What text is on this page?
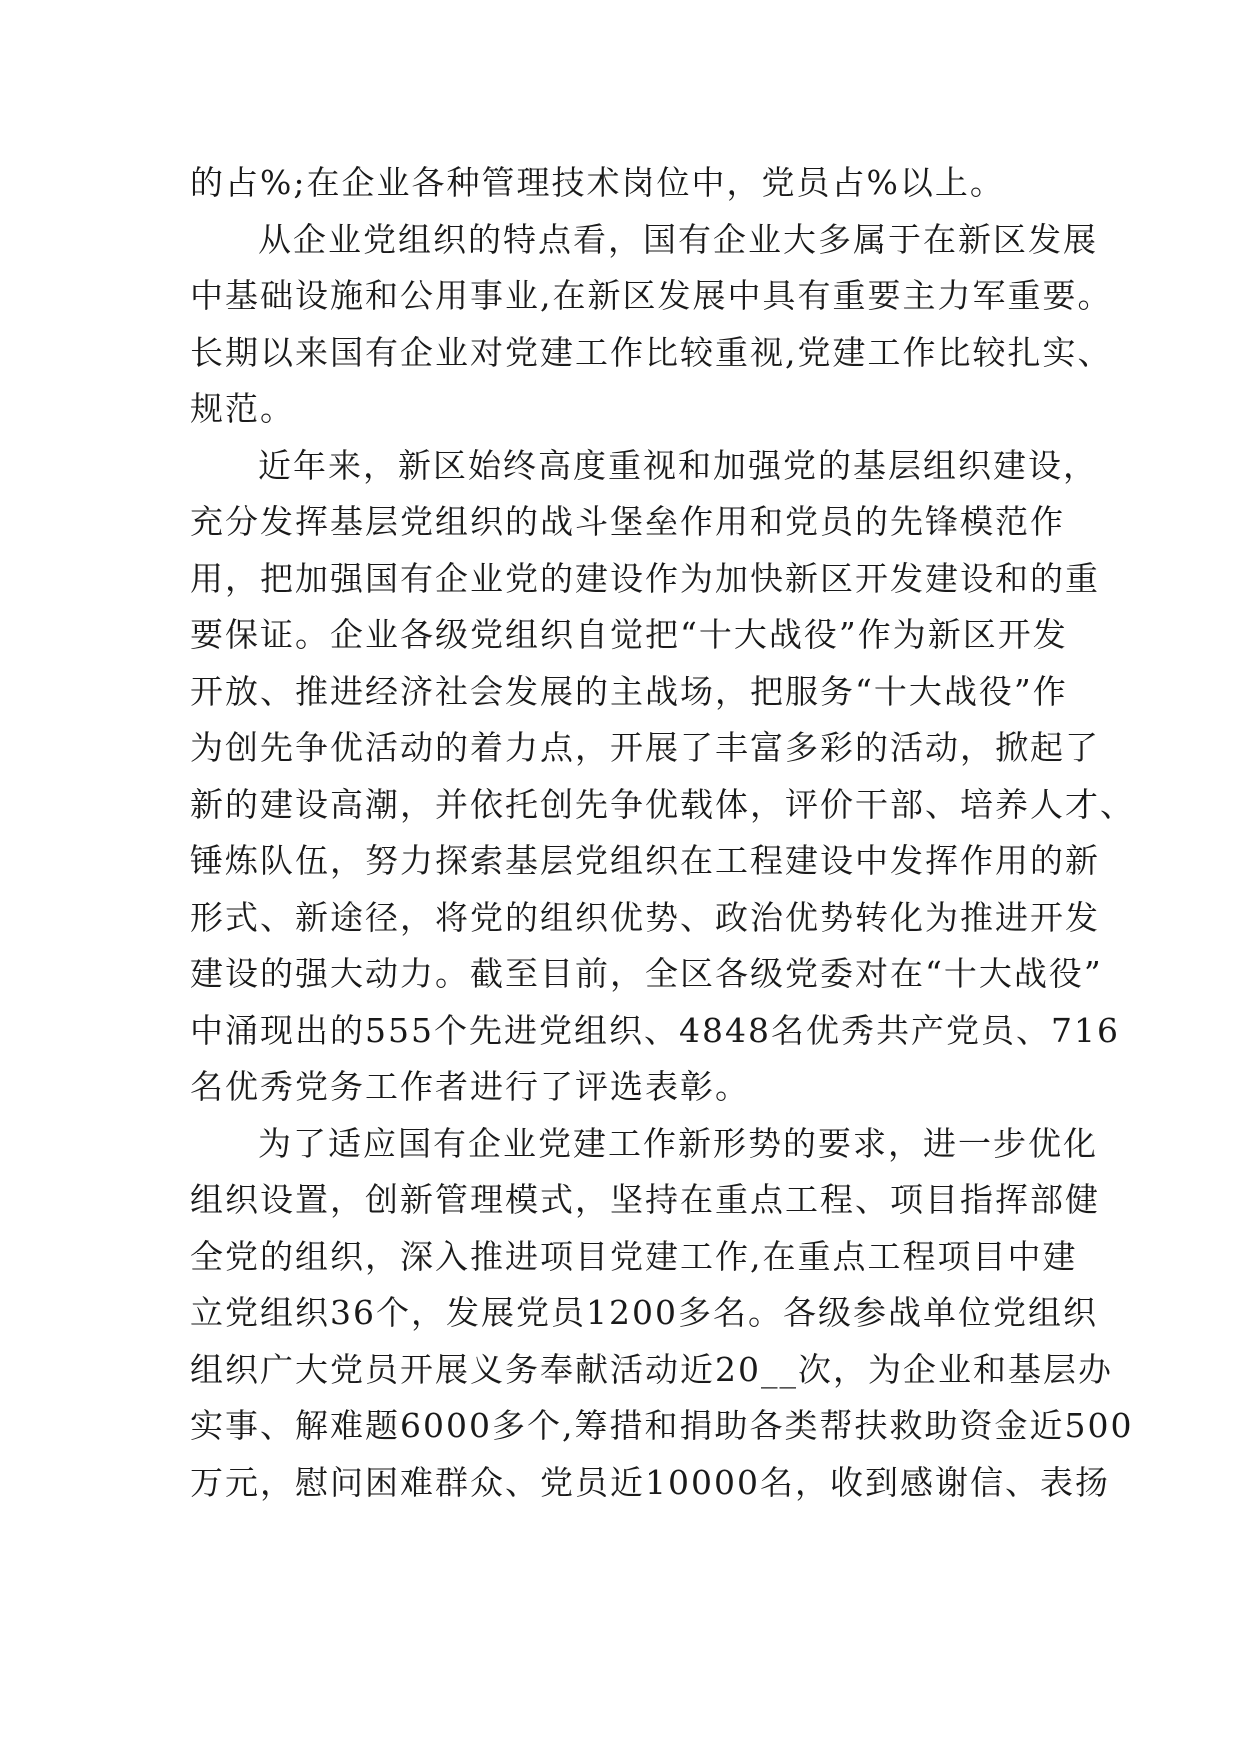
的占%;在企业各种管理技术岗位中，党员占%以上。
从企业党组织的特点看，国有企业大多属于在新区发展
中基础设施和公用事业,在新区发展中具有重要主力军重要。
长期以来国有企业对党建工作比较重视,党建工作比较扎实、
规范。
近年来，新区始终高度重视和加强党的基层组织建设，
充分发挥基层党组织的战斗堡垒作用和党员的先锋模范作
用，把加强国有企业党的建设作为加快新区开发建设和的重
要保证。企业各级党组织自觉把“十大战役”作为新区开发
开放、推进经济社会发展的主战场，把服务“十大战役”作
为创先争优活动的着力点，开展了丰富多彩的活动，掀起了
新的建设高潮，并依托创先争优载体，评价干部、培养人才、
锤炼队伍，努力探索基层党组织在工程建设中发挥作用的新
形式、新途径，将党的组织优势、政治优势转化为推进开发
建设的强大动力。截至目前，全区各级党委对在“十大战役”
中涌现出的555个先进党组织、4848名优秀共产党员、716
名优秀党务工作者进行了评选表彰。
为了适应国有企业党建工作新形势的要求，进一步优化
组织设置，创新管理模式，坚持在重点工程、项目指挥部健
全党的组织，深入推进项目党建工作,在重点工程项目中建
立党组织36个，发展党员1200多名。各级参战单位党组织
组织广大党员开展义务奉献活动近20__次，为企业和基层办
实事、解难题6000多个,筹措和捐助各类帮扶救助资金近500
万元，慰问困难群众、党员近10000名，收到感谢信、表扬
